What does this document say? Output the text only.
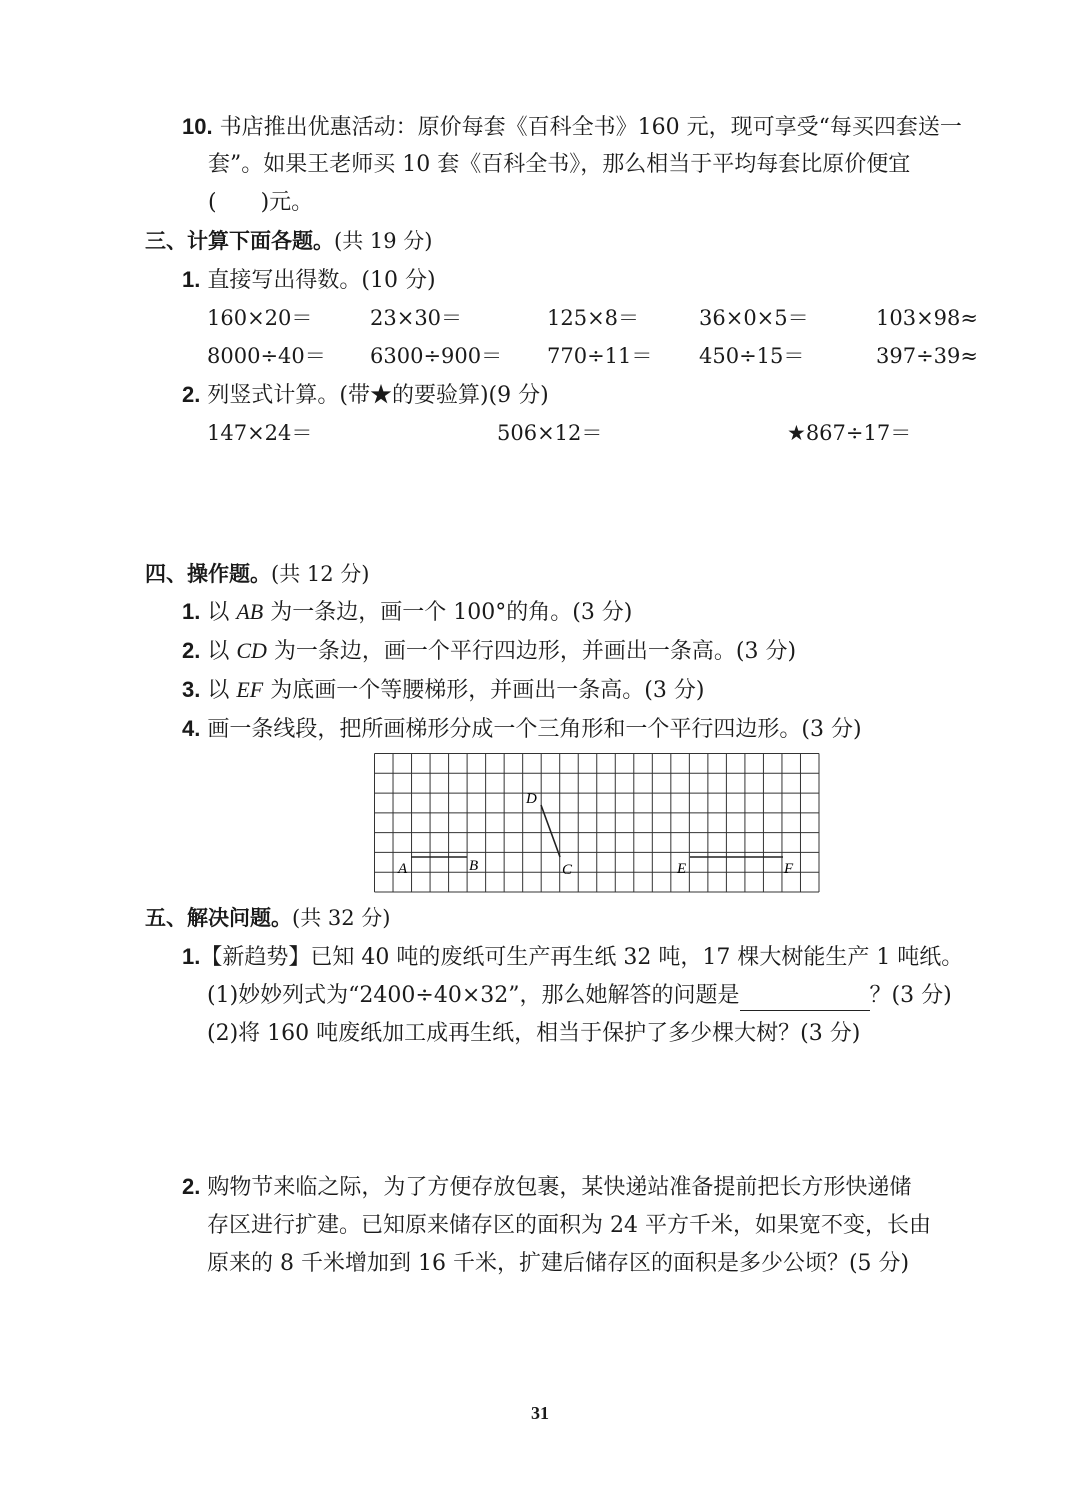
10. 书店推出优惠活动：原价每套《百科全书》160 元，现可享受“每买四套送一
套”。如果王老师买 10 套《百科全书》，那么相当于平均每套比原价便宜
(　　)元。
三、计算下面各题。(共 19 分)
1. 直接写出得数。(10 分)
160×20＝	23×30＝	125×8＝	36×0×5＝	103×98≈
8000÷40＝ 6300÷900＝ 770÷11＝ 450÷15＝	397÷39≈
2. 列竖式计算。(带★的要验算)(9 分)
147×24＝	506×12＝	★867÷17＝
四、操作题。(共 12 分)
1. 以 AB 为一条边，画一个 100°的角。(3 分)
2. 以 CD 为一条边，画一个平行四边形，并画出一条高。(3 分)
3. 以 EF 为底画一个等腰梯形，并画出一条高。(3 分)
4. 画一条线段，把所画梯形分成一个三角形和一个平行四边形。(3 分)
A	B	C
D
E	F
五、解决问题。(共 32 分)
1.【新趋势】已知 40 吨的废纸可生产再生纸 32 吨，17 棵大树能生产 1 吨纸。
(1)妙妙列式为“2400÷40×32”，那么她解答的问题是	？(3 分)
(2)将 160 吨废纸加工成再生纸，相当于保护了多少棵大树？(3 分)
2. 购物节来临之际，为了方便存放包裹，某快递站准备提前把长方形快递储
存区进行扩建。已知原来储存区的面积为 24 平方千米，如果宽不变，长由
原来的 8 千米增加到 16 千米，扩建后储存区的面积是多少公顷？(5 分)
31
